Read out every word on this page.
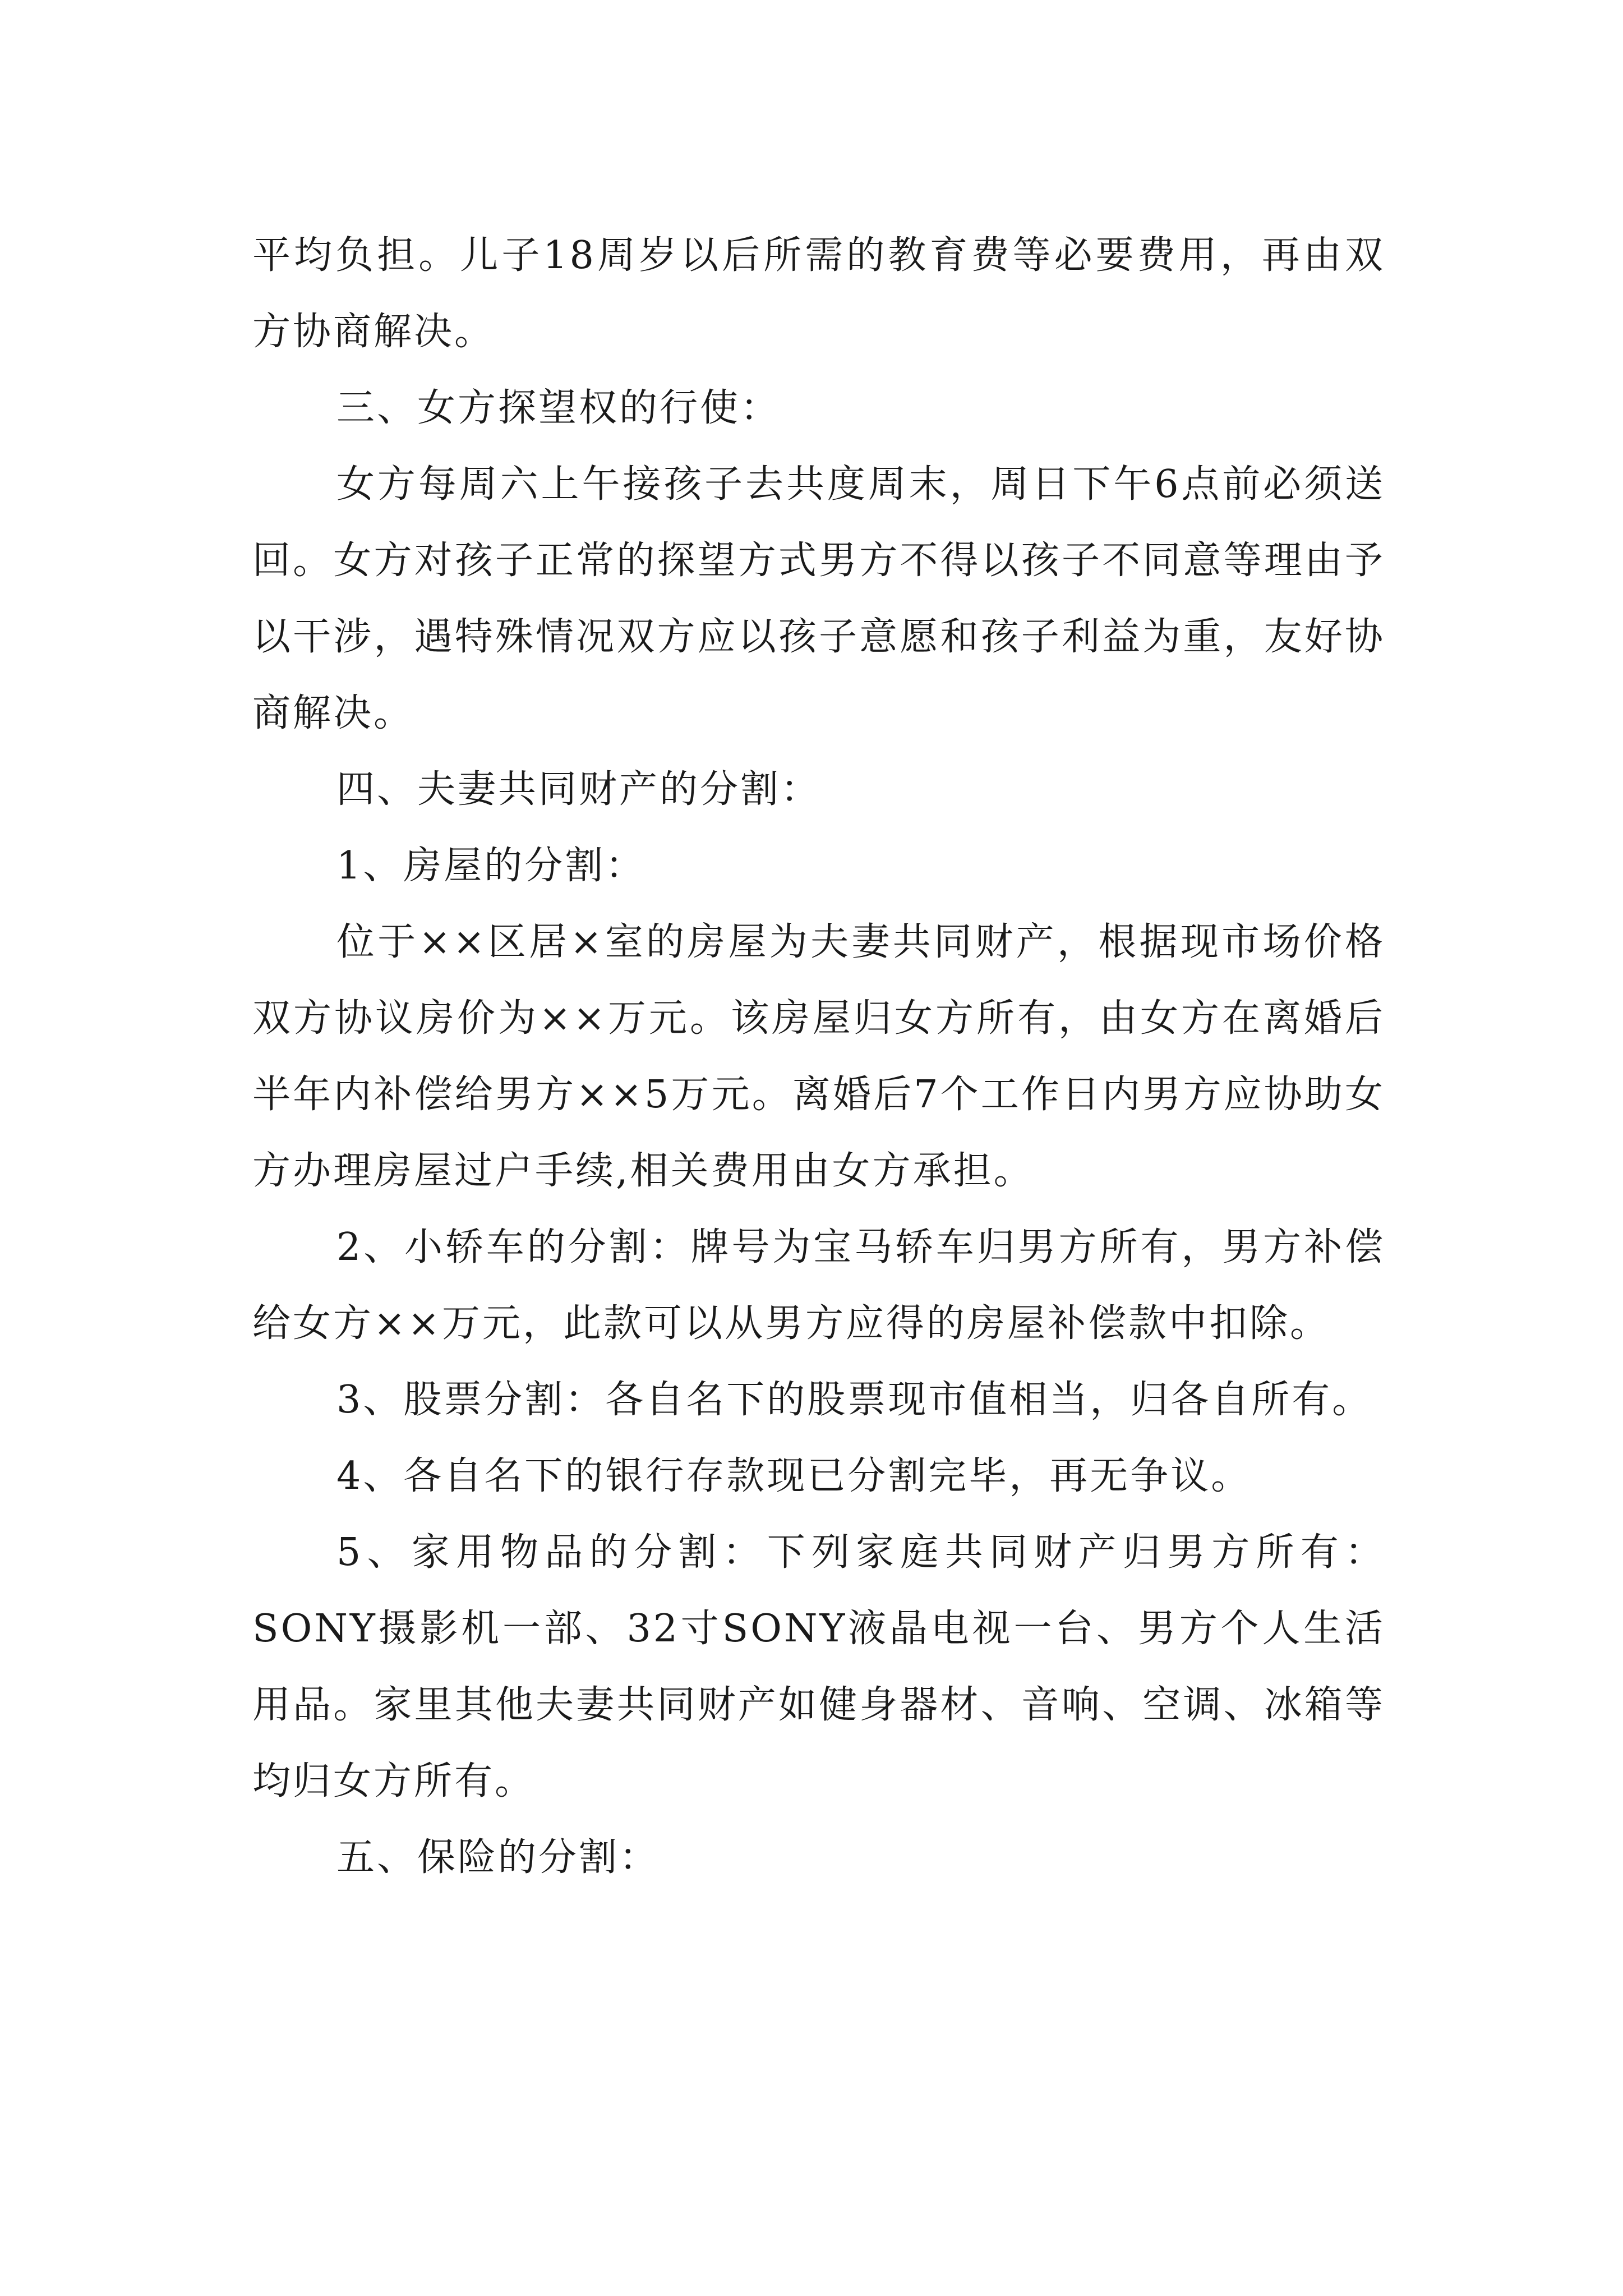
平均负担。儿子18周岁以后所需的教育费等必要费用，再由双方协商解决。

三、女方探望权的行使：

女方每周六上午接孩子去共度周末，周日下午6点前必须送回。女方对孩子正常的探望方式男方不得以孩子不同意等理由予以干涉，遇特殊情况双方应以孩子意愿和孩子利益为重，友好协商解决。

四、夫妻共同财产的分割：

1、房屋的分割：

位于××区居×室的房屋为夫妻共同财产，根据现市场价格双方协议房价为××万元。该房屋归女方所有，由女方在离婚后半年内补偿给男方××5万元。离婚后7个工作日内男方应协助女方办理房屋过户手续,相关费用由女方承担。

2、小轿车的分割：牌号为宝马轿车归男方所有，男方补偿给女方××万元，此款可以从男方应得的房屋补偿款中扣除。

3、股票分割：各自名下的股票现市值相当，归各自所有。

4、各自名下的银行存款现已分割完毕，再无争议。

5、家用物品的分割：下列家庭共同财产归男方所有：SONY摄影机一部、32寸SONY液晶电视一台、男方个人生活用品。家里其他夫妻共同财产如健身器材、音响、空调、冰箱等均归女方所有。

五、保险的分割：
